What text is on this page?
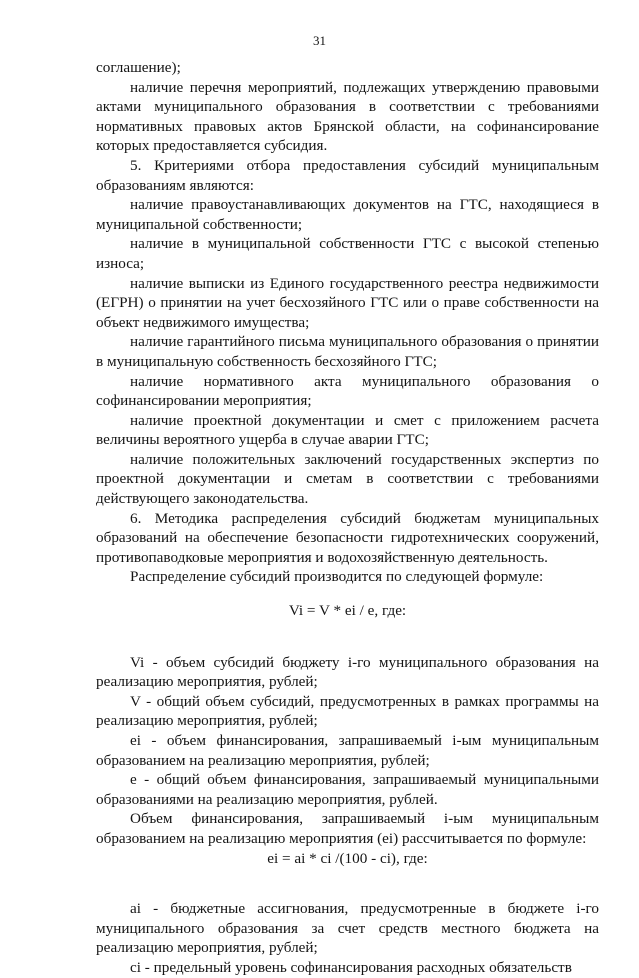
31

соглашение);

наличие перечня мероприятий, подлежащих утверждению правовыми актами муниципального образования в соответствии с требованиями нормативных правовых актов Брянской области, на софинансирование которых предоставляется субсидия.

5. Критериями отбора предоставления субсидий муниципальным образованиям являются:

наличие правоустанавливающих документов на ГТС, находящиеся в муниципальной собственности;

наличие в муниципальной собственности ГТС с высокой степенью износа;

наличие выписки из Единого государственного реестра недвижимости (ЕГРН) о принятии на учет бесхозяйного ГТС или о праве собственности на объект недвижимого имущества;

наличие гарантийного письма муниципального образования о принятии в муниципальную собственность бесхозяйного ГТС;

наличие нормативного акта муниципального образования о софинансировании мероприятия;

наличие проектной документации и смет с приложением расчета величины вероятного ущерба в случае аварии ГТС;

наличие положительных заключений государственных экспертиз по проектной документации и сметам в соответствии с требованиями действующего законодательства.

6. Методика распределения субсидий бюджетам муниципальных образований на обеспечение безопасности гидротехнических сооружений, противопаводковые мероприятия и водохозяйственную деятельность.

Распределение субсидий производится по следующей формуле:

Vi = V * ei / e, где:

Vi - объем субсидий бюджету i-го муниципального образования на реализацию мероприятия, рублей;

V - общий объем субсидий, предусмотренных в рамках программы на реализацию мероприятия, рублей;

ei - объем финансирования, запрашиваемый i-ым муниципальным образованием на реализацию мероприятия, рублей;

e - общий объем финансирования, запрашиваемый муниципальными образованиями на реализацию мероприятия, рублей.

Объем финансирования, запрашиваемый i-ым муниципальным образованием на реализацию мероприятия (ei) рассчитывается по формуле:

ei = ai * ci /(100 - ci), где:

ai - бюджетные ассигнования, предусмотренные в бюджете i-го муниципального образования за счет средств местного бюджета на реализацию мероприятия, рублей;

ci - предельный уровень софинансирования расходных обязательств
